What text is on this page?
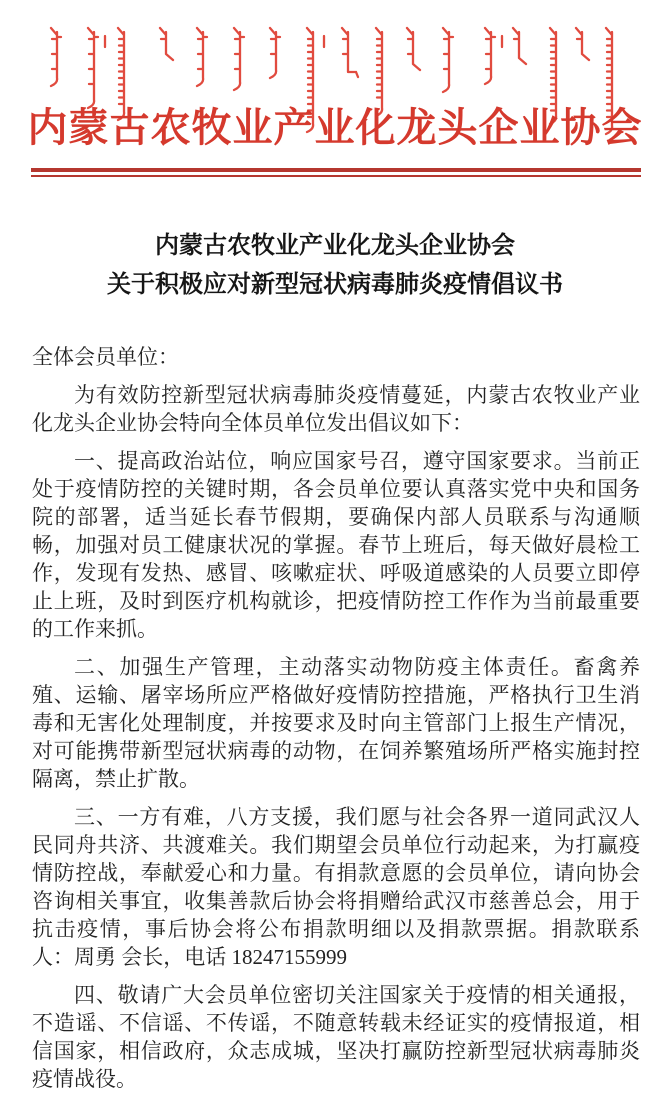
内蒙古农牧业产业化龙头企业协会
内蒙古农牧业产业化龙头企业协会
关于积极应对新型冠状病毒肺炎疫情倡议书
全体会员单位：

为有效防控新型冠状病毒肺炎疫情蔓延，内蒙古农牧业产业化龙头企业协会特向全体员单位发出倡议如下：

一、提高政治站位，响应国家号召，遵守国家要求。当前正处于疫情防控的关键时期，各会员单位要认真落实党中央和国务院的部署，适当延长春节假期，要确保内部人员联系与沟通顺畅，加强对员工健康状况的掌握。春节上班后，每天做好晨检工作，发现有发热、感冒、咳嗽症状、呼吸道感染的人员要立即停止上班，及时到医疗机构就诊，把疫情防控工作作为当前最重要的工作来抓。

二、加强生产管理，主动落实动物防疫主体责任。畜禽养殖、运输、屠宰场所应严格做好疫情防控措施，严格执行卫生消毒和无害化处理制度，并按要求及时向主管部门上报生产情况，对可能携带新型冠状病毒的动物，在饲养繁殖场所严格实施封控隔离，禁止扩散。

三、一方有难，八方支援，我们愿与社会各界一道同武汉人民同舟共济、共渡难关。我们期望会员单位行动起来，为打赢疫情防控战，奉献爱心和力量。有捐款意愿的会员单位，请向协会咨询相关事宜，收集善款后协会将捐赠给武汉市慈善总会，用于抗击疫情，事后协会将公布捐款明细以及捐款票据。捐款联系人：周勇 会长，电话 18247155999

四、敬请广大会员单位密切关注国家关于疫情的相关通报，不造谣、不信谣、不传谣，不随意转载未经证实的疫情报道，相信国家，相信政府，众志成城，坚决打赢防控新型冠状病毒肺炎疫情战役。
